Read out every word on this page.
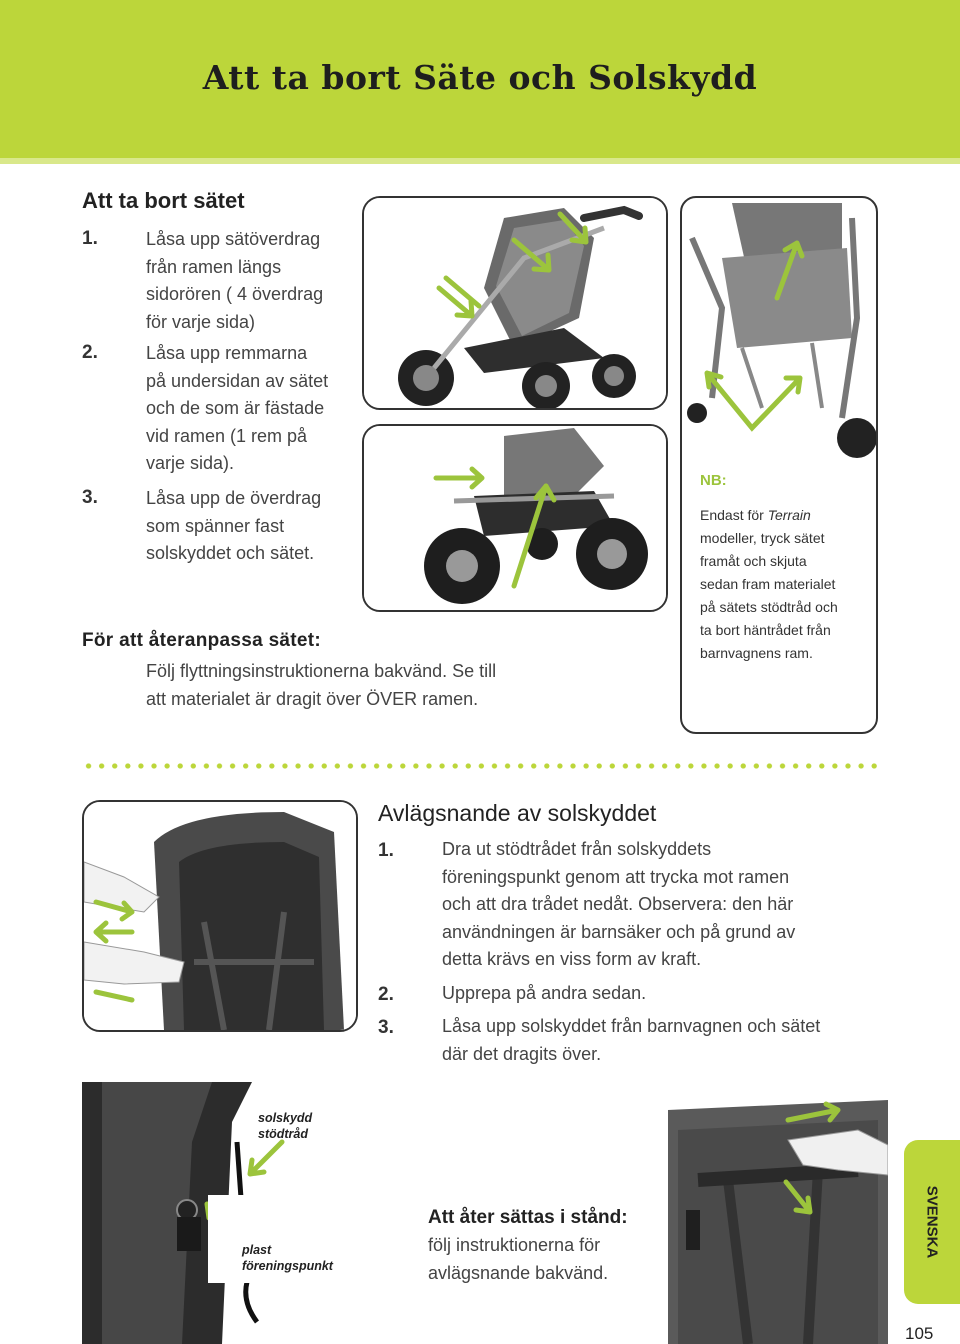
Att ta bort Säte och Solskydd
Att ta bort sätet
1.	Låsa upp sätöverdrag
från ramen längs
sidorören ( 4 överdrag
för varje sida)
2.	Låsa upp remmarna
på undersidan av sätet
och de som är fästade
vid ramen (1 rem på
varje sida).
3.	Låsa upp de överdrag
som spänner fast
solskyddet och sätet.
För att återanpassa sätet:
Följ flyttningsinstruktionerna bakvänd. Se till
att materialet är dragit över ÖVER ramen.
NB:
Endast för Terrain
modeller, tryck sätet
framåt och skjuta
sedan fram materialet
på sätets stödtråd och
ta bort häntrådet från
barnvagnens ram.
Avlägsnande av solskyddet
1.	Dra ut stödtrådet från solskyddets
föreningspunkt genom att trycka mot ramen
och att dra trådet nedåt. Observera: den här
användningen är barnsäker och på grund av
detta krävs en viss form av kraft.
2.	Upprepa på andra sedan.
3.	Låsa upp solskyddet från barnvagnen och sätet
där det dragits över.
solskydd
stödtråd
plast
föreningspunkt
Att åter sättas i stånd:
följ instruktionerna för
avlägsnande bakvänd.
SVENSKA
105
